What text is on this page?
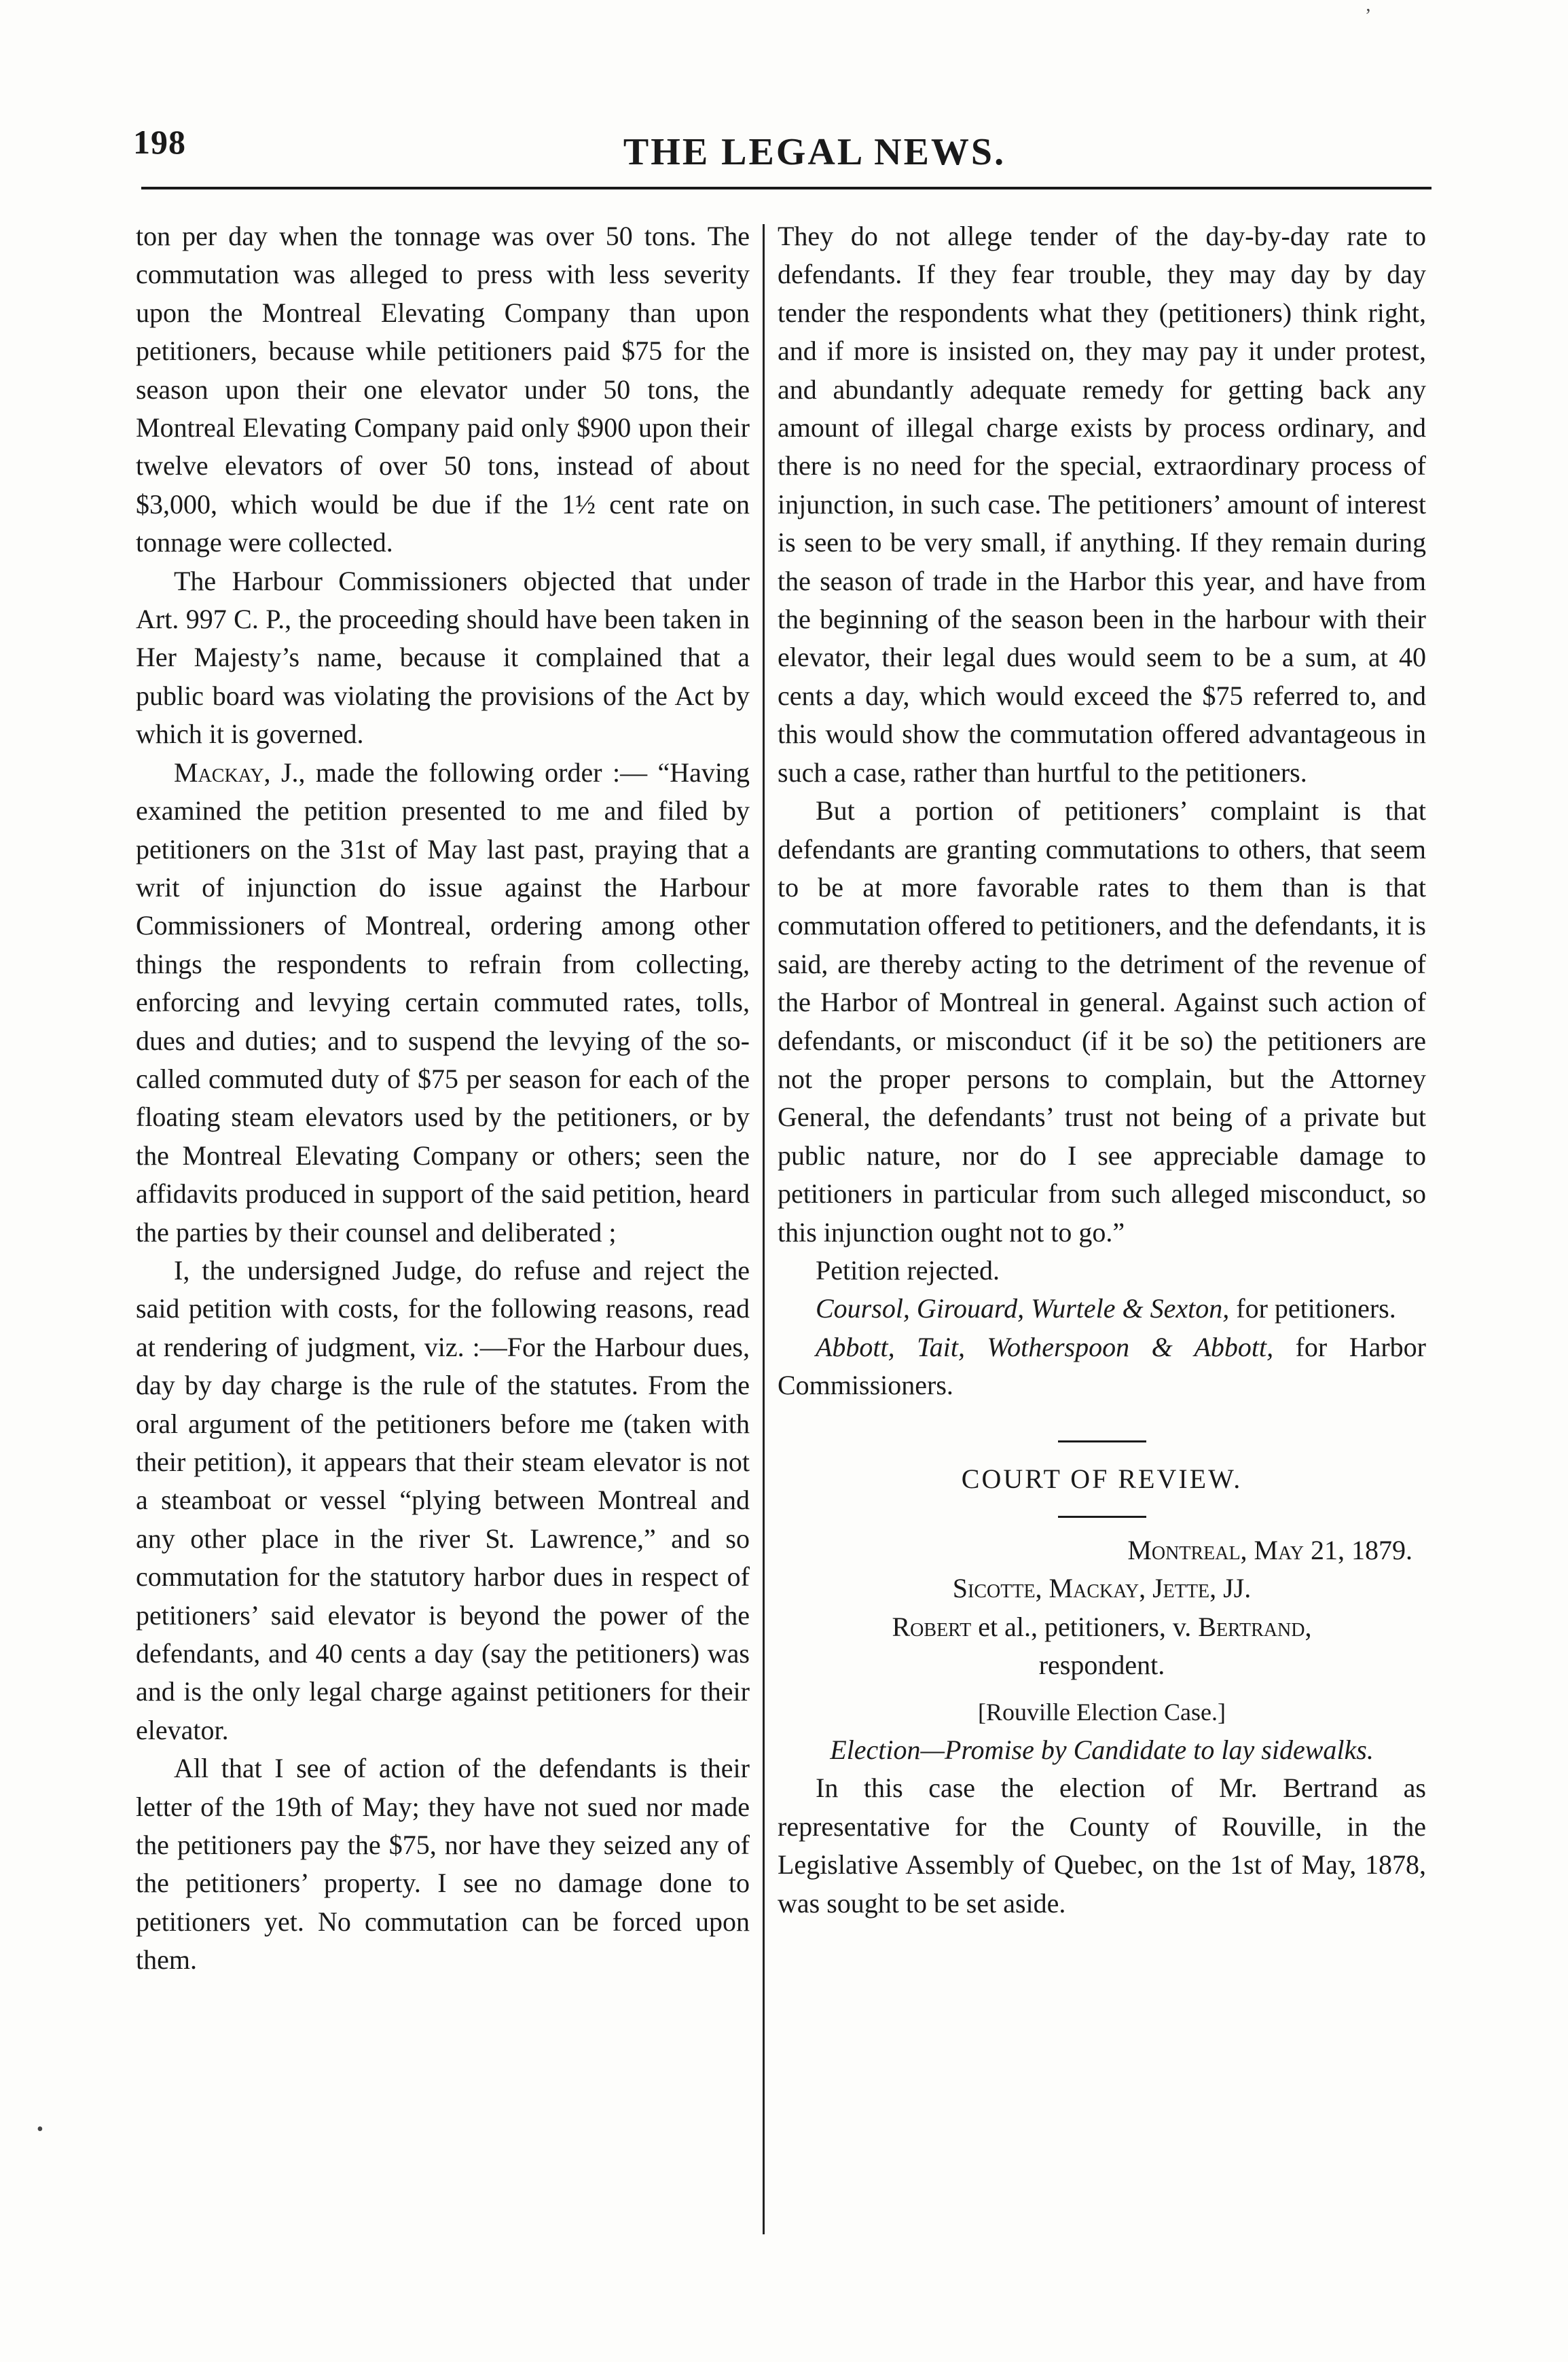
198	THE LEGAL NEWS.

ton per day when the tonnage was over 50 tons. The commutation was alleged to press with less severity upon the Montreal Elevating Company than upon petitioners, because while petitioners paid $75 for the season upon their one elevator under 50 tons, the Montreal Elevating Company paid only $900 upon their twelve elevators of over 50 tons, instead of about $3,000, which would be due if the 1½ cent rate on tonnage were collected.

The Harbour Commissioners objected that under Art. 997 C. P., the proceeding should have been taken in Her Majesty’s name, because it complained that a public board was violating the provisions of the Act by which it is governed.

Mackay, J., made the following order :— “Having examined the petition presented to me and filed by petitioners on the 31st of May last past, praying that a writ of injunction do issue against the Harbour Commissioners of Montreal, ordering among other things the respondents to refrain from collecting, enforcing and levying certain commuted rates, tolls, dues and duties; and to suspend the levying of the so-called commuted duty of $75 per season for each of the floating steam elevators used by the petitioners, or by the Montreal Elevating Company or others; seen the affidavits produced in support of the said petition, heard the parties by their counsel and deliberated ;

I, the undersigned Judge, do refuse and reject the said petition with costs, for the following reasons, read at rendering of judgment, viz. :—For the Harbour dues, day by day charge is the rule of the statutes. From the oral argument of the petitioners before me (taken with their petition), it appears that their steam elevator is not a steamboat or vessel “plying between Montreal and any other place in the river St. Lawrence,” and so commutation for the statutory harbor dues in respect of petitioners’ said elevator is beyond the power of the defendants, and 40 cents a day (say the petitioners) was and is the only legal charge against petitioners for their elevator.

All that I see of action of the defendants is their letter of the 19th of May; they have not sued nor made the petitioners pay the $75, nor have they seized any of the petitioners’ property. I see no damage done to petitioners yet. No commutation can be forced upon them.

They do not allege tender of the day-by-day rate to defendants. If they fear trouble, they may day by day tender the respondents what they (petitioners) think right, and if more is insisted on, they may pay it under protest, and abundantly adequate remedy for getting back any amount of illegal charge exists by process ordinary, and there is no need for the special, extraordinary process of injunction, in such case. The petitioners’ amount of interest is seen to be very small, if anything. If they remain during the season of trade in the Harbor this year, and have from the beginning of the season been in the harbour with their elevator, their legal dues would seem to be a sum, at 40 cents a day, which would exceed the $75 referred to, and this would show the commutation offered advantageous in such a case, rather than hurtful to the petitioners.

But a portion of petitioners’ complaint is that defendants are granting commutations to others, that seem to be at more favorable rates to them than is that commutation offered to petitioners, and the defendants, it is said, are thereby acting to the detriment of the revenue of the Harbor of Montreal in general. Against such action of defendants, or misconduct (if it be so) the petitioners are not the proper persons to complain, but the Attorney General, the defendants’ trust not being of a private but public nature, nor do I see appreciable damage to petitioners in particular from such alleged misconduct, so this injunction ought not to go.”

Petition rejected.

Coursol, Girouard, Wurtele & Sexton, for petitioners.

Abbott, Tait, Wotherspoon & Abbott, for Harbor Commissioners.

COURT OF REVIEW.

Montreal, May 21, 1879.

Sicotte, Mackay, Jette, JJ.

Robert et al., petitioners, v. Bertrand,

respondent.

[Rouville Election Case.]

Election—Promise by Candidate to lay sidewalks.

In this case the election of Mr. Bertrand as representative for the County of Rouville, in the Legislative Assembly of Quebec, on the 1st of May, 1878, was sought to be set aside.

’
•
